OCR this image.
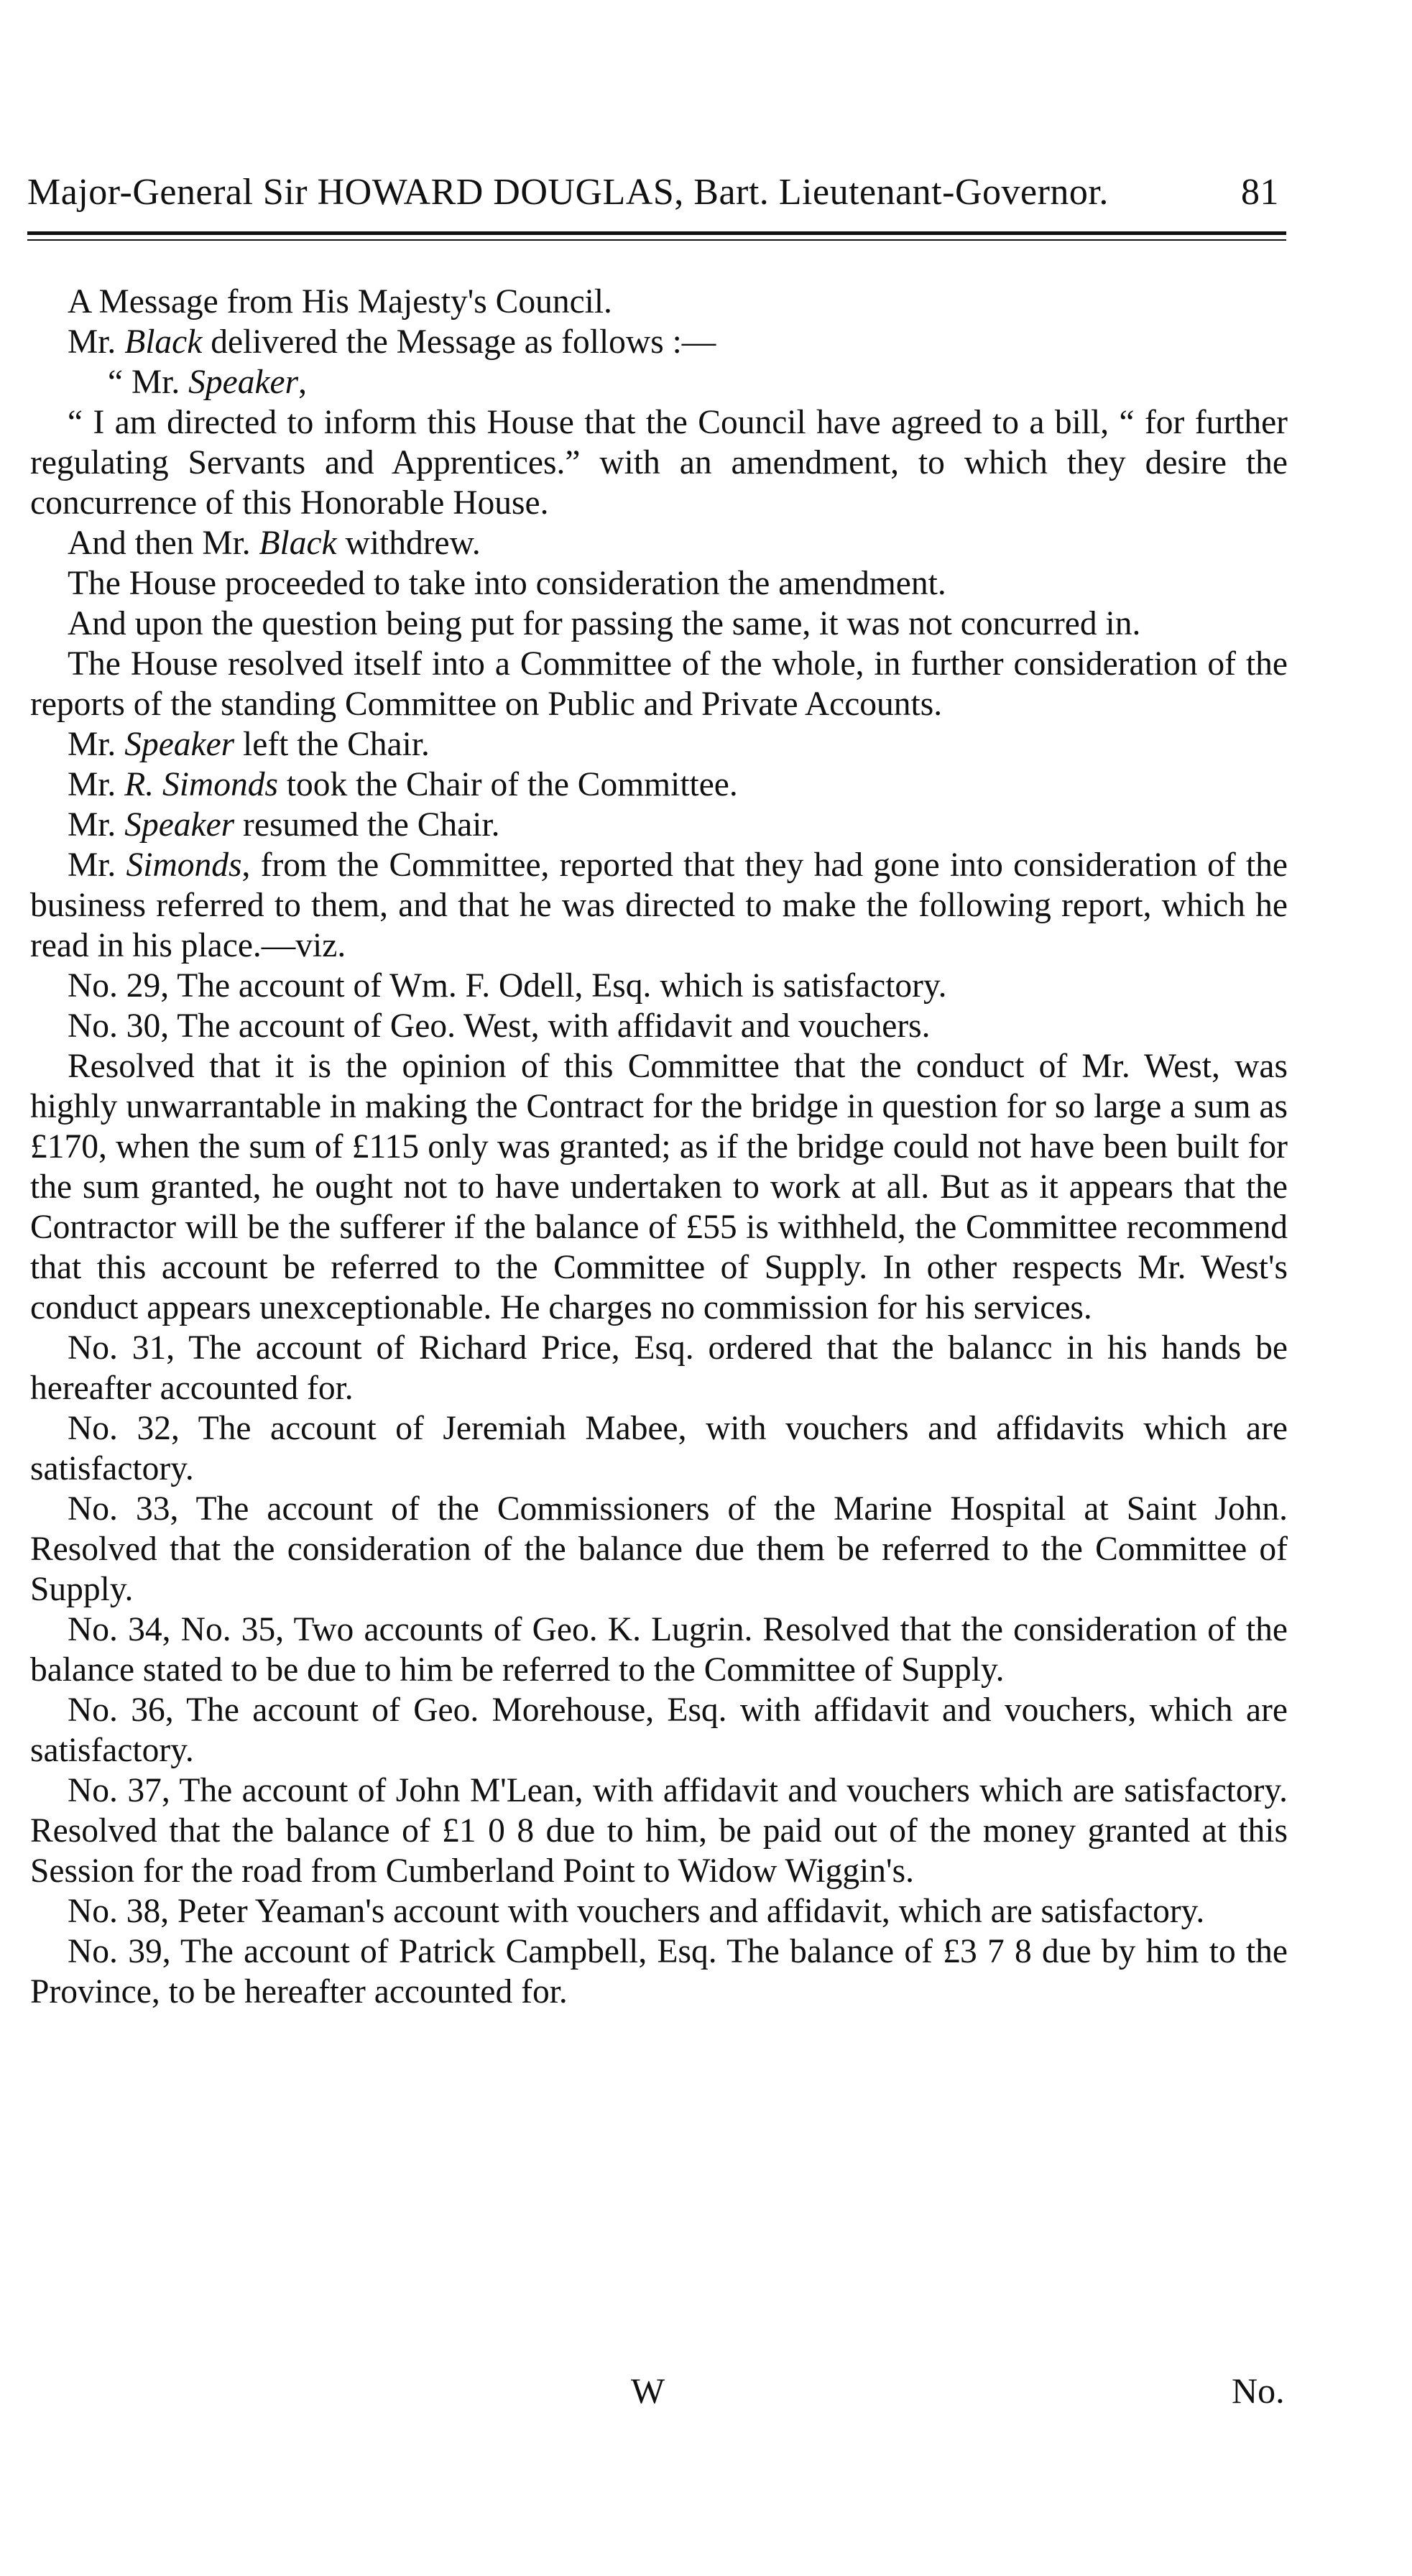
Major-General Sir HOWARD DOUGLAS, Bart. Lieutenant-Governor.	81

A Message from His Majesty's Council.

Mr. Black delivered the Message as follows :—

“ Mr. Speaker,

“ I am directed to inform this House that the Council have agreed to a bill, “ for further regulating Servants and Apprentices.” with an amendment, to which they desire the concurrence of this Honorable House.

And then Mr. Black withdrew.

The House proceeded to take into consideration the amendment.

And upon the question being put for passing the same, it was not concurred in.

The House resolved itself into a Committee of the whole, in further consideration of the reports of the standing Committee on Public and Private Accounts.

Mr. Speaker left the Chair.

Mr. R. Simonds took the Chair of the Committee.

Mr. Speaker resumed the Chair.

Mr. Simonds, from the Committee, reported that they had gone into consideration of the business referred to them, and that he was directed to make the following report, which he read in his place.—viz.

No. 29, The account of Wm. F. Odell, Esq. which is satisfactory.

No. 30, The account of Geo. West, with affidavit and vouchers.

Resolved that it is the opinion of this Committee that the conduct of Mr. West, was highly unwarrantable in making the Contract for the bridge in question for so large a sum as £170, when the sum of £115 only was granted; as if the bridge could not have been built for the sum granted, he ought not to have undertaken to work at all. But as it appears that the Contractor will be the sufferer if the balance of £55 is withheld, the Committee recommend that this account be referred to the Committee of Supply. In other respects Mr. West's conduct appears unexceptionable. He charges no commission for his services.

No. 31, The account of Richard Price, Esq. ordered that the balancc in his hands be hereafter accounted for.

No. 32, The account of Jeremiah Mabee, with vouchers and affidavits which are satisfactory.

No. 33, The account of the Commissioners of the Marine Hospital at Saint John. Resolved that the consideration of the balance due them be referred to the Committee of Supply.

No. 34, No. 35, Two accounts of Geo. K. Lugrin. Resolved that the consideration of the balance stated to be due to him be referred to the Committee of Supply.

No. 36, The account of Geo. Morehouse, Esq. with affidavit and vouchers, which are satisfactory.

No. 37, The account of John M'Lean, with affidavit and vouchers which are satisfactory. Resolved that the balance of £1 0 8 due to him, be paid out of the money granted at this Session for the road from Cumberland Point to Widow Wiggin's.

No. 38, Peter Yeaman's account with vouchers and affidavit, which are satisfactory.

No. 39, The account of Patrick Campbell, Esq. The balance of £3 7 8 due by him to the Province, to be hereafter accounted for.

W	No.
